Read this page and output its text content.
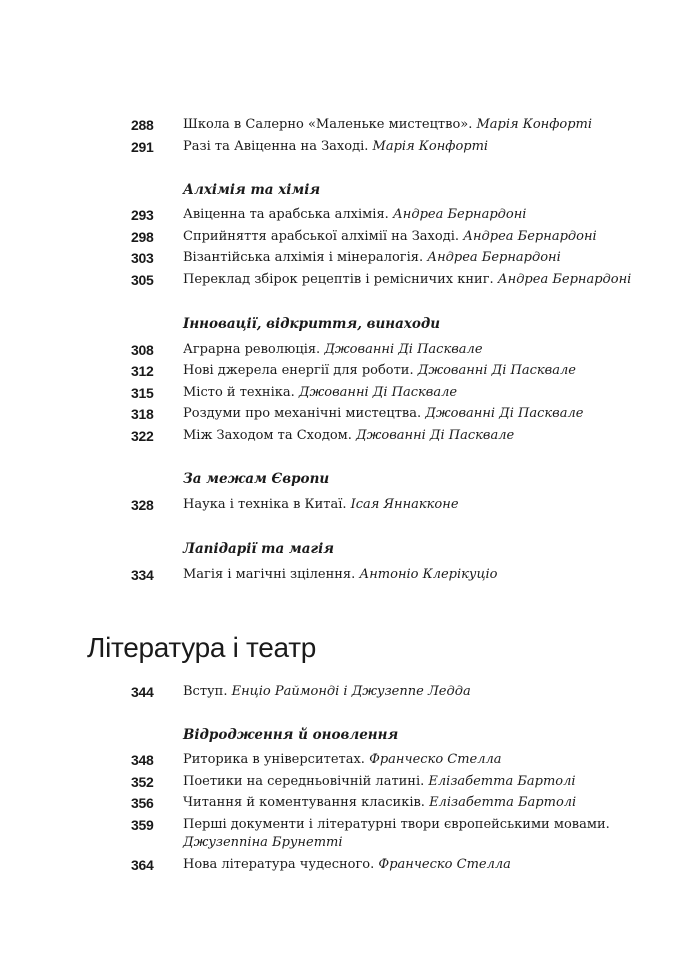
288	Школа в Салерно «Маленьке мистецтво». Марія Конфорті
291	Разі та Авіценна на Заході. Марія Конфорті
Алхімія та хімія
293	Авіценна та арабська алхімія. Андреа Бернардоні
298	Сприйняття арабської алхімії на Заході. Андреа Бернардоні
303	Візантійська алхімія і мінералогія. Андреа Бернардоні
305	Переклад збірок рецептів і ремісничих книг. Андреа Бернардоні
Інновації, відкриття, винаходи
308	Аграрна революція. Джованні Ді Пасквале
312	Нові джерела енергії для роботи. Джованні Ді Пасквале
315	Місто й техніка. Джованні Ді Пасквале
318	Роздуми про механічні мистецтва. Джованні Ді Пасквале
322	Між Заходом та Сходом. Джованні Ді Пасквале
За межам Європи
328	Наука і техніка в Китаї. Ісая Яннакконе
Лапідарії та магія
334	Магія і магічні зцілення. Антоніо Клерікуціо
Література і театр
344	Вступ. Енціо Раймонді і Джузеппе Ледда
Відродження й оновлення
348	Риторика в університетах. Франческо Стелла
352	Поетики на середньовічній латині. Елізабетта Бартолі
356	Читання й коментування класиків. Елізабетта Бартолі
359	Перші документи і літературні твори європейськими мовами.
Джузеппіна Брунетті
364	Нова література чудесного. Франческо Стелла
